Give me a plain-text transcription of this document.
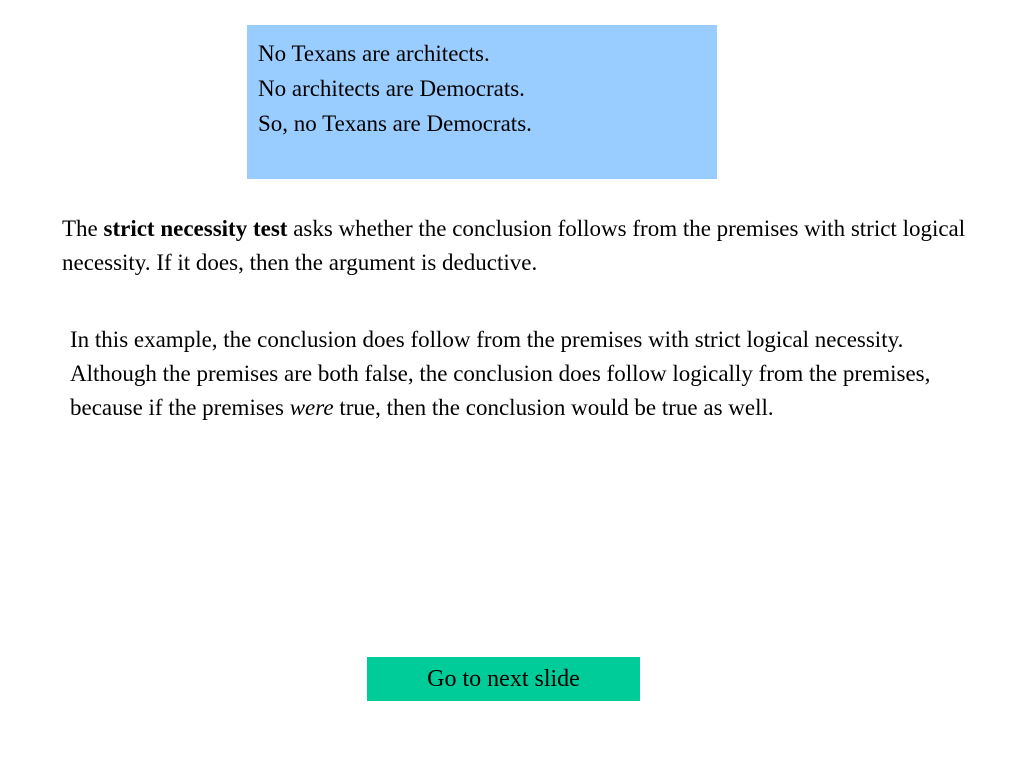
No Texans are architects.
No architects are Democrats.
So, no Texans are Democrats.

The strict necessity test asks whether the conclusion follows from the premises with strict logical necessity. If it does, then the argument is deductive.

In this example, the conclusion does follow from the premises with strict logical necessity. Although the premises are both false, the conclusion does follow logically from the premises, because if the premises were true, then the conclusion would be true as well.

Go to next slide
